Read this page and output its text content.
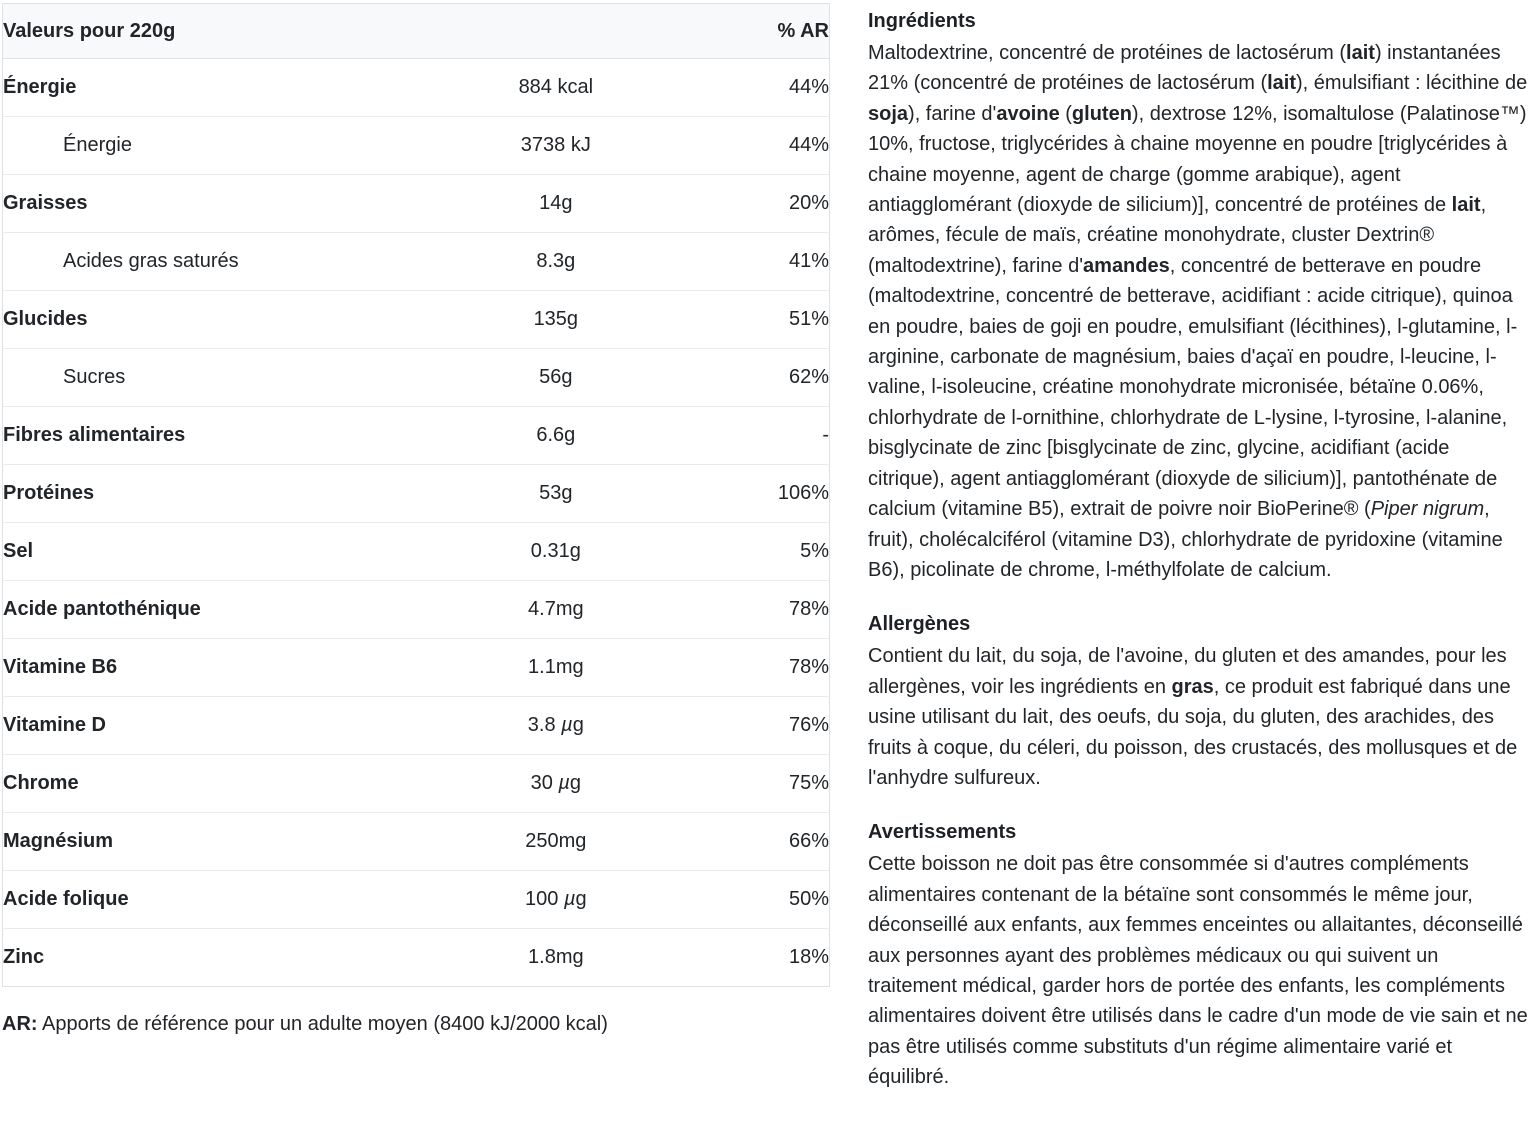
Valeurs pour 220g		% AR
Énergie	884 kcal	44%
Énergie	3738 kJ	44%
Graisses	14g	20%
Acides gras saturés	8.3g	41%
Glucides	135g	51%
Sucres	56g	62%
Fibres alimentaires	6.6g	-
Protéines	53g	106%
Sel	0.31g	5%
Acide pantothénique	4.7mg	78%
Vitamine B6	1.1mg	78%
Vitamine D	3.8 µg	76%
Chrome	30 µg	75%
Magnésium	250mg	66%
Acide folique	100 µg	50%
Zinc	1.8mg	18%

AR: Apports de référence pour un adulte moyen (8400 kJ/2000 kcal)

Ingrédients

Maltodextrine, concentré de protéines de lactosérum (lait) instantanées 21% (concentré de protéines de lactosérum (lait), émulsifiant : lécithine de soja), farine d'avoine (gluten), dextrose 12%, isomaltulose (Palatinose™) 10%, fructose, triglycérides à chaine moyenne en poudre [triglycérides à chaine moyenne, agent de charge (gomme arabique), agent antiagglomérant (dioxyde de silicium)], concentré de protéines de lait, arômes, fécule de maïs, créatine monohydrate, cluster Dextrin® (maltodextrine), farine d'amandes, concentré de betterave en poudre (maltodextrine, concentré de betterave, acidifiant : acide citrique), quinoa en poudre, baies de goji en poudre, emulsifiant (lécithines), l-glutamine, l-arginine, carbonate de magnésium, baies d'açaï en poudre, l-leucine, l-valine, l-isoleucine, créatine monohydrate micronisée, bétaïne 0.06%, chlorhydrate de l-ornithine, chlorhydrate de L-lysine, l-tyrosine, l-alanine, bisglycinate de zinc [bisglycinate de zinc, glycine, acidifiant (acide citrique), agent antiagglomérant (dioxyde de silicium)], pantothénate de calcium (vitamine B5), extrait de poivre noir BioPerine® (Piper nigrum, fruit), cholécalciférol (vitamine D3), chlorhydrate de pyridoxine (vitamine B6), picolinate de chrome, l-méthylfolate de calcium.

Allergènes

Contient du lait, du soja, de l'avoine, du gluten et des amandes, pour les allergènes, voir les ingrédients en gras, ce produit est fabriqué dans une usine utilisant du lait, des oeufs, du soja, du gluten, des arachides, des fruits à coque, du céleri, du poisson, des crustacés, des mollusques et de l'anhydre sulfureux.

Avertissements

Cette boisson ne doit pas être consommée si d'autres compléments alimentaires contenant de la bétaïne sont consommés le même jour, déconseillé aux enfants, aux femmes enceintes ou allaitantes, déconseillé aux personnes ayant des problèmes médicaux ou qui suivent un traitement médical, garder hors de portée des enfants, les compléments alimentaires doivent être utilisés dans le cadre d'un mode de vie sain et ne pas être utilisés comme substituts d'un régime alimentaire varié et équilibré.
